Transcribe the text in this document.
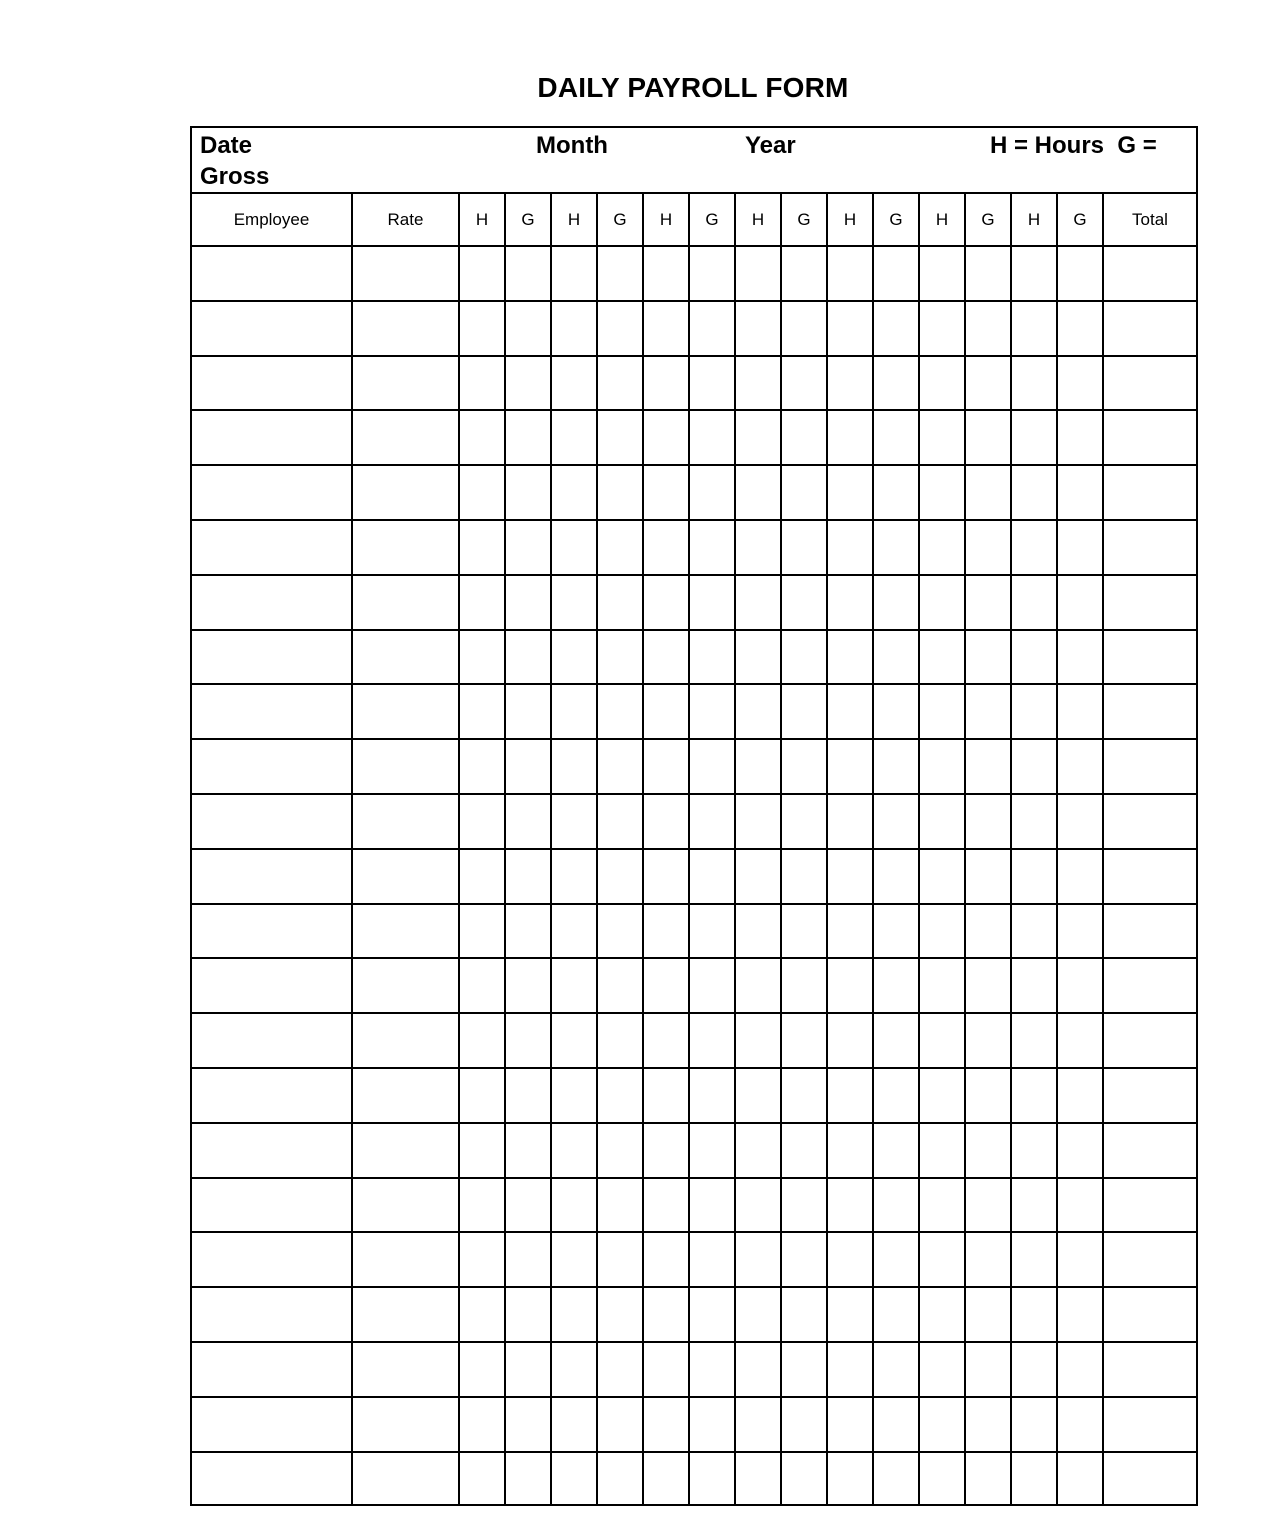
DAILY PAYROLL FORM
Date
Gross
Month	Year	H = Hours  G =
Employee	Rate	H	G	H	G	H	G	H	G	H	G	H	G	H	G	Total
